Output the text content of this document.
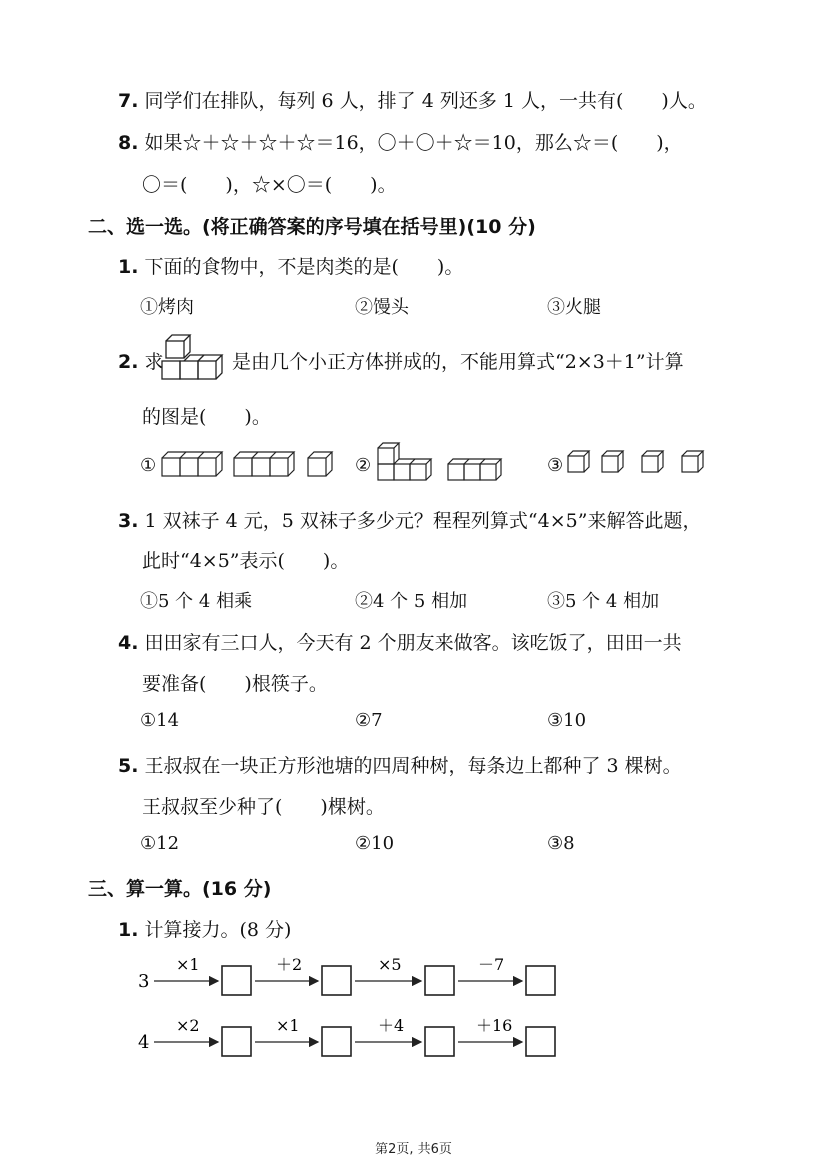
7. 同学们在排队，每列 6 人，排了 4 列还多 1 人，一共有(　　)人。
8. 如果☆＋☆＋☆＋☆＝16，〇＋〇＋☆＝10，那么☆＝(　　)，
〇＝(　　)，☆×〇＝(　　)。
二、选一选。(将正确答案的序号填在括号里)(10 分)
1. 下面的食物中，不是肉类的是(　　)。
①烤肉	②馒头	③火腿
2. 求	是由几个小正方体拼成的，不能用算式“2×3＋1”计算
的图是(　　)。
①	②	③
3. 1 双袜子 4 元，5 双袜子多少元？程程列算式“4×5”来解答此题，
此时“4×5”表示(　　)。
①5 个 4 相乘	②4 个 5 相加	③5 个 4 相加
4. 田田家有三口人，今天有 2 个朋友来做客。该吃饭了，田田一共
要准备(　　)根筷子。
①14	②7	③10
5. 王叔叔在一块正方形池塘的四周种树，每条边上都种了 3 棵树。
王叔叔至少种了(　　)棵树。
①12	②10	③8
三、算一算。(16 分)
1. 计算接力。(8 分)
3
×1	＋2	×5	－7
4
×2	×1	＋4	＋16
第2页, 共6页
